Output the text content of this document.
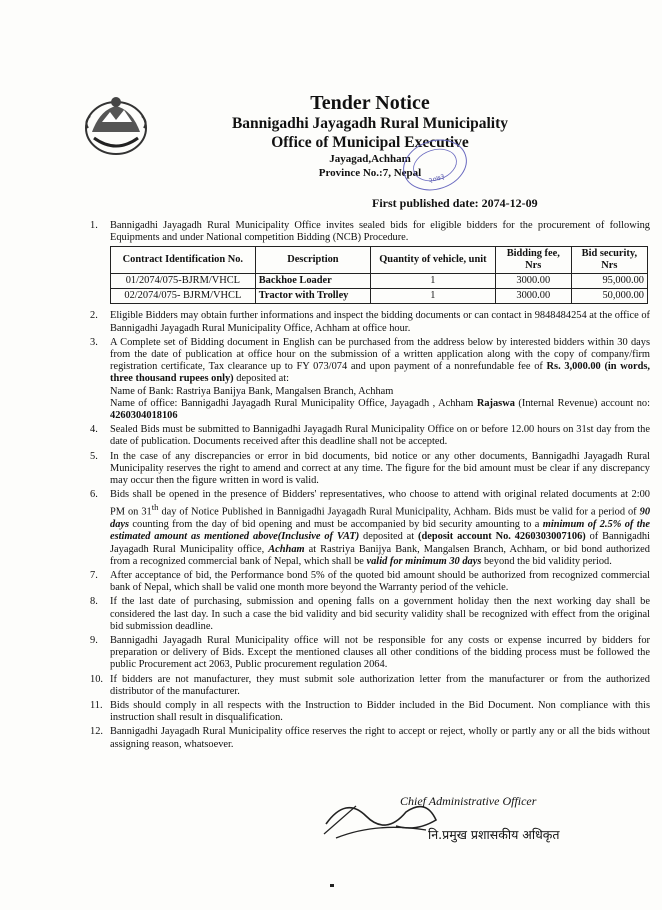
Tender Notice
Bannigadhi Jayagadh Rural Municipality
Office of Municipal Executive
Jayagad,Achham
Province No.:7, Nepal २०७३
First published date: 2074-12-09
1.	Bannigadhi Jayagadh Rural Municipality Office invites sealed bids for eligible bidders for the procurement of following Equipments and under National competition Bidding (NCB) Procedure.
Contract Identification No.	Description	Quantity of vehicle, unit	Bidding fee, Nrs	Bid security, Nrs
01/2074/075-BJRM/VHCL	Backhoe Loader	1	3000.00	95,000.00
02/2074/075- BJRM/VHCL	Tractor with Trolley	1	3000.00	50,000.00
2.	Eligible Bidders may obtain further informations and inspect the bidding documents or can contact in 9848484254 at the office of Bannigadhi Jayagadh Rural Municipality Office, Achham at office hour.
3.	A Complete set of Bidding document in English can be purchased from the address below by interested bidders within 30 days from the date of publication at office hour on the submission of a written application along with the copy of company/firm registration certificate, Tax clearance up to FY 073/074 and upon payment of a nonrefundable fee of Rs. 3,000.00 (in words, three thousand rupees only) deposited at:
Name of Bank: Rastriya Banijya Bank, Mangalsen Branch, Achham
Name of office: Bannigadhi Jayagadh Rural Municipality Office, Jayagadh , Achham Rajaswa (Internal Revenue) account no: 4260304018106
4.	Sealed Bids must be submitted to Bannigadhi Jayagadh Rural Municipality Office on or before 12.00 hours on 31st day from the date of publication. Documents received after this deadline shall not be accepted.
5.	In the case of any discrepancies or error in bid documents, bid notice or any other documents, Bannigadhi Jayagadh Rural Municipality reserves the right to amend and correct at any time. The figure for the bid amount must be clear if any discrepancy may occur then the figure written in word is valid.
6.	Bids shall be opened in the presence of Bidders' representatives, who choose to attend with original related documents at 2:00 PM on 31th day of Notice Published in Bannigadhi Jayagadh Rural Municipality, Achham. Bids must be valid for a period of 90 days counting from the day of bid opening and must be accompanied by bid security amounting to a minimum of 2.5% of the estimated amount as mentioned above(Inclusive of VAT) deposited at (deposit account No. 4260303007106) of Bannigadhi Jayagadh Rural Municipality office, Achham at Rastriya Banijya Bank, Mangalsen Branch, Achham, or bid bond authorized from a recognized commercial bank of Nepal, which shall be valid for minimum 30 days beyond the bid validity period.
7.	After acceptance of bid, the Performance bond 5% of the quoted bid amount should be authorized from recognized commercial bank of Nepal, which shall be valid one month more beyond the Warranty period of the vehicle.
8.	If the last date of purchasing, submission and opening falls on a government holiday then the next working day shall be considered the last day. In such a case the bid validity and bid security validity shall be recognized with effect from the original bid submission deadline.
9.	Bannigadhi Jayagadh Rural Municipality office will not be responsible for any costs or expense incurred by bidders for preparation or delivery of Bids. Except the mentioned clauses all other conditions of the bidding process must be followed the public Procurement act 2063, Public procurement regulation 2064.
10. If bidders are not manufacturer, they must submit sole authorization letter from the manufacturer or from the authorized distributor of the manufacturer.
11. Bids should comply in all respects with the Instruction to Bidder included in the Bid Document. Non compliance with this instruction shall result in disqualification.
12. Bannigadhi Jayagadh Rural Municipality office reserves the right to accept or reject, wholly or partly any or all the bids without assigning reason, whatsoever.
Chief Administrative Officer
नि.प्रमुख प्रशासकीय अधिकृत
